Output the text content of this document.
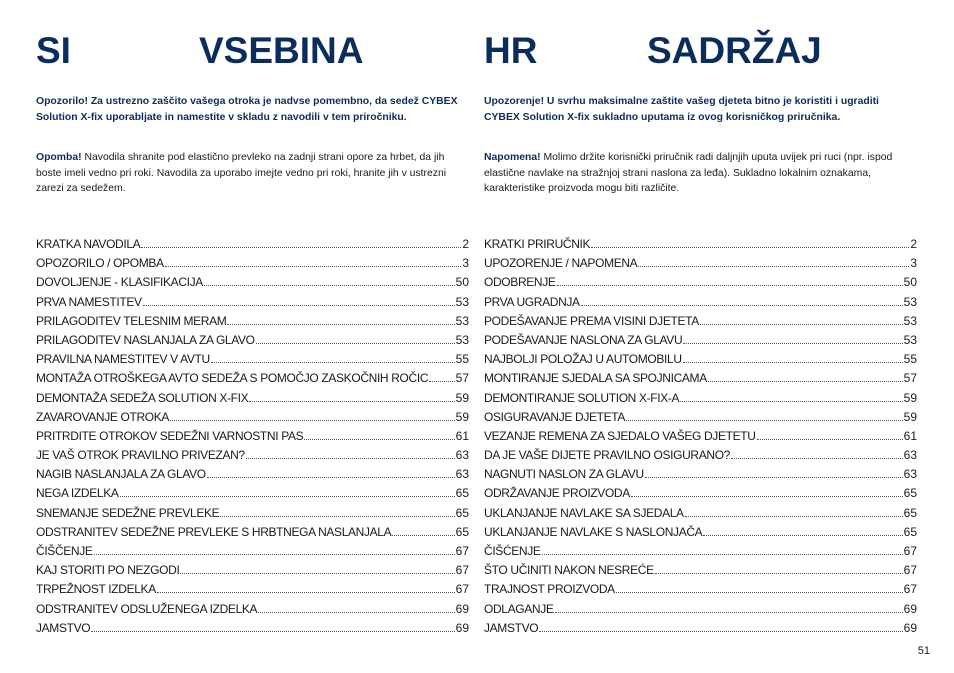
SI	VSEBINA
Opozorilo! Za ustrezno zaščito vašega otroka je nadvse pomembno, da sedež CYBEX Solution X-fix uporabljate in namestite v skladu z navodili v tem priročniku.
Opomba! Navodila shranite pod elastično prevleko na zadnji strani opore za hrbet, da jih boste imeli vedno pri roki. Navodila za uporabo imejte vedno pri roki, hranite jih v ustrezni zarezi za sedežem.
KRATKA NAVODILA	2
OPOZORILO / OPOMBA	3
DOVOLJENJE - KLASIFIKACIJA	50
PRVA NAMESTITEV	53
PRILAGODITEV TELESNIM MERAM	53
PRILAGODITEV NASLANJALA ZA GLAVO	53
PRAVILNA NAMESTITEV V AVTU	55
MONTAŽA OTROŠKEGA AVTO SEDEŽA S POMOČJO ZASKOČNIH ROČIC 57
DEMONTAŽA SEDEŽA SOLUTION X-FIX	59
ZAVAROVANJE OTROKA	59
PRITRDITE OTROKOV SEDEŽNI VARNOSTNI PAS	61
JE VAŠ OTROK PRAVILNO PRIVEZAN?	63
NAGIB NASLANJALA ZA GLAVO	63
NEGA IZDELKA	65
SNEMANJE SEDEŽNE PREVLEKE	65
ODSTRANITEV SEDEŽNE PREVLEKE S HRBTNEGA NASLANJALA	65
ČIŠČENJE	67
KAJ STORITI PO NEZGODI	67
TRPEŽNOST IZDELKA	67
ODSTRANITEV ODSLUŽENEGA IZDELKA	69
JAMSTVO	69
HR	SADRŽAJ
Upozorenje! U svrhu maksimalne zaštite vašeg djeteta bitno je koristiti i ugraditi CYBEX Solution X-fix sukladno uputama iz ovog korisničkog priručnika.
Napomena! Molimo držite korisnički priručnik radi daljnjih uputa uvijek pri ruci (npr. ispod elastične navlake na stražnjoj strani naslona za leđa). Sukladno lokalnim oznakama, karakteristike proizvoda mogu biti različite.
KRATKI PRIRUČNIK	2
UPOZORENJE / NAPOMENA	3
ODOBRENJE	50
PRVA UGRADNJA	53
PODEŠAVANJE PREMA VISINI DJETETA	53
PODEŠAVANJE NASLONA ZA GLAVU	53
NAJBOLJI POLOŽAJ U AUTOMOBILU	55
MONTIRANJE SJEDALA SA SPOJNICAMA	57
DEMONTIRANJE SOLUTION X-FIX-A	59
OSIGURAVANJE DJETETA	59
VEZANJE REMENA ZA SJEDALO VAŠEG DJETETU	61
DA JE VAŠE DIJETE PRAVILNO OSIGURANO?	63
NAGNUTI NASLON ZA GLAVU	63
ODRŽAVANJE PROIZVODA	65
UKLANJANJE NAVLAKE SA SJEDALA	65
UKLANJANJE NAVLAKE S NASLONJAČA	65
ČIŠĆENJE	67
ŠTO UČINITI NAKON NESREĆE	67
TRAJNOST PROIZVODA	67
ODLAGANJE	69
JAMSTVO	69
51
